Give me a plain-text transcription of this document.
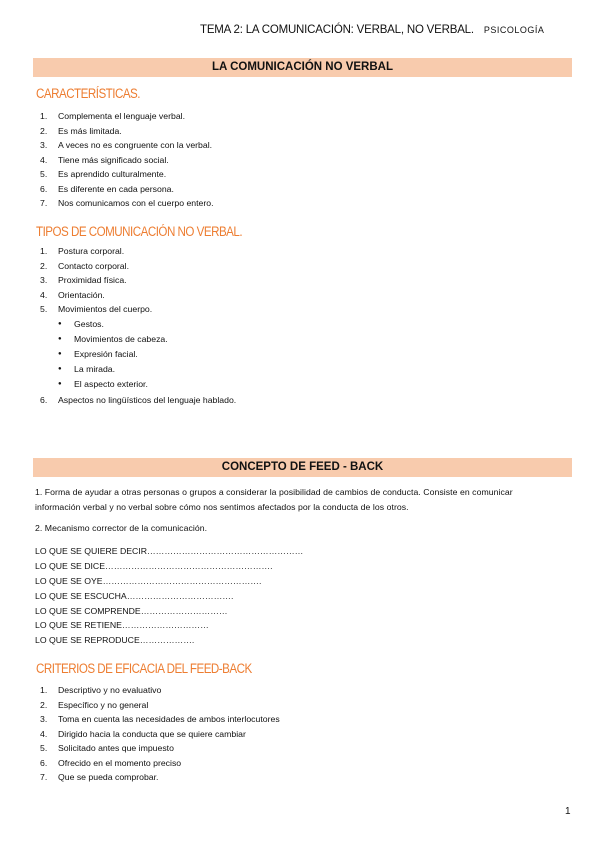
TEMA 2: LA COMUNICACIÓN: VERBAL, NO VERBAL. PSICOLOGÍA
LA COMUNICACIÓN NO VERBAL
CARACTERÍSTICAS.
1. Complementa el lenguaje verbal.
2. Es más limitada.
3. A veces no es congruente con la verbal.
4. Tiene más significado social.
5. Es aprendido culturalmente.
6. Es diferente en cada persona.
7. Nos comunicamos con el cuerpo entero.
TIPOS DE COMUNICACIÓN NO VERBAL.
1. Postura corporal.
2. Contacto corporal.
3. Proximidad física.
4. Orientación.
5. Movimientos del cuerpo.
● Gestos.
● Movimientos de cabeza.
● Expresión facial.
● La mirada.
● El aspecto exterior.
6. Aspectos no lingüísticos del lenguaje hablado.
CONCEPTO DE FEED - BACK
1. Forma de ayudar a otras personas o grupos a considerar la posibilidad de cambios de conducta. Consiste en comunicar
información verbal y no verbal sobre cómo nos sentimos afectados por la conducta de los otros.
2. Mecanismo corrector de la comunicación.
LO QUE SE QUIERE DECIR………………………………………………
LO QUE SE DICE………………………………………………….
LO QUE SE OYE……………………………………………….
LO QUE SE ESCUCHA……………………………….
LO QUE SE COMPRENDE…………………………
LO QUE SE RETIENE…………………………
LO QUE SE REPRODUCE……………….
CRITERIOS DE EFICACIA DEL FEED-BACK
1. Descriptivo y no evaluativo
2. Específico y no general
3. Toma en cuenta las necesidades de ambos interlocutores
4. Dirigido hacia la conducta que se quiere cambiar
5. Solicitado antes que impuesto
6. Ofrecido en el momento preciso
7. Que se pueda comprobar.
1
